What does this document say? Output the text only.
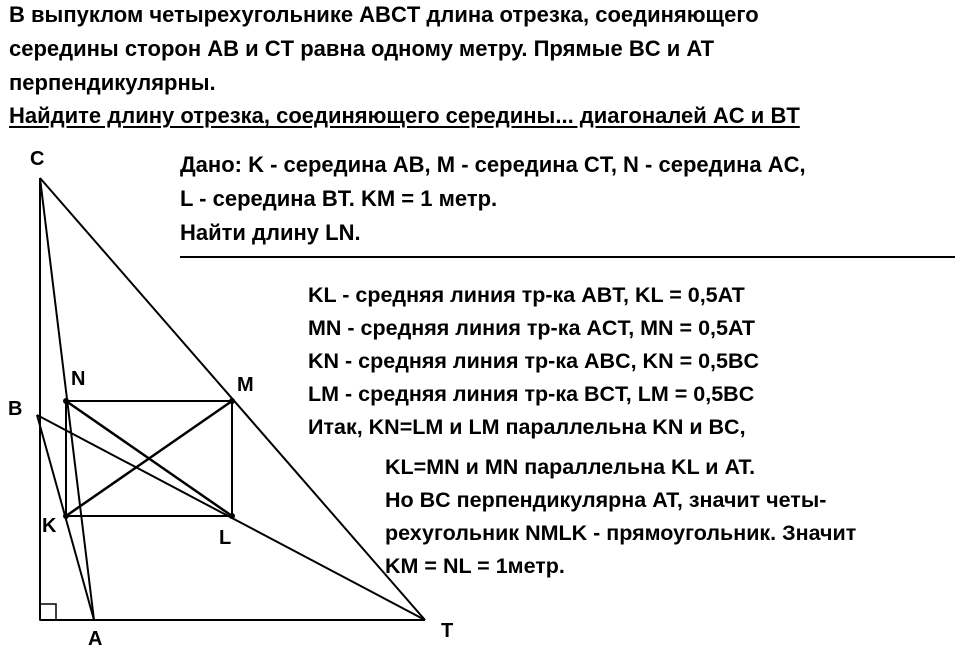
В выпуклом четырехугольнике ABCT длина отрезка, соединяющего
середины сторон AB и CT равна одному метру. Прямые BC и AT
перпендикулярны.
Найдите длину отрезка, соединяющего середины... диагоналей AC и BT
Дано: K - середина AB, M - середина CT, N - середина AC,
L - середина BT. KM = 1 метр.
Найти длину LN.
KL - средняя линия тр-ка ABT, KL = 0,5AT
MN - средняя линия тр-ка ACT, MN = 0,5AT
KN - средняя линия тр-ка ABC, KN = 0,5BC
LM - средняя линия тр-ка BCT, LM = 0,5BC
Итак, KN=LM и LM параллельна KN и BC,
KL=MN и MN параллельна KL и AT.
Но BC перпендикулярна AT, значит четы-
рехугольник NMLK - прямоугольник. Значит
KM = NL = 1метр.
C
B
A	T
N	M
K
L
